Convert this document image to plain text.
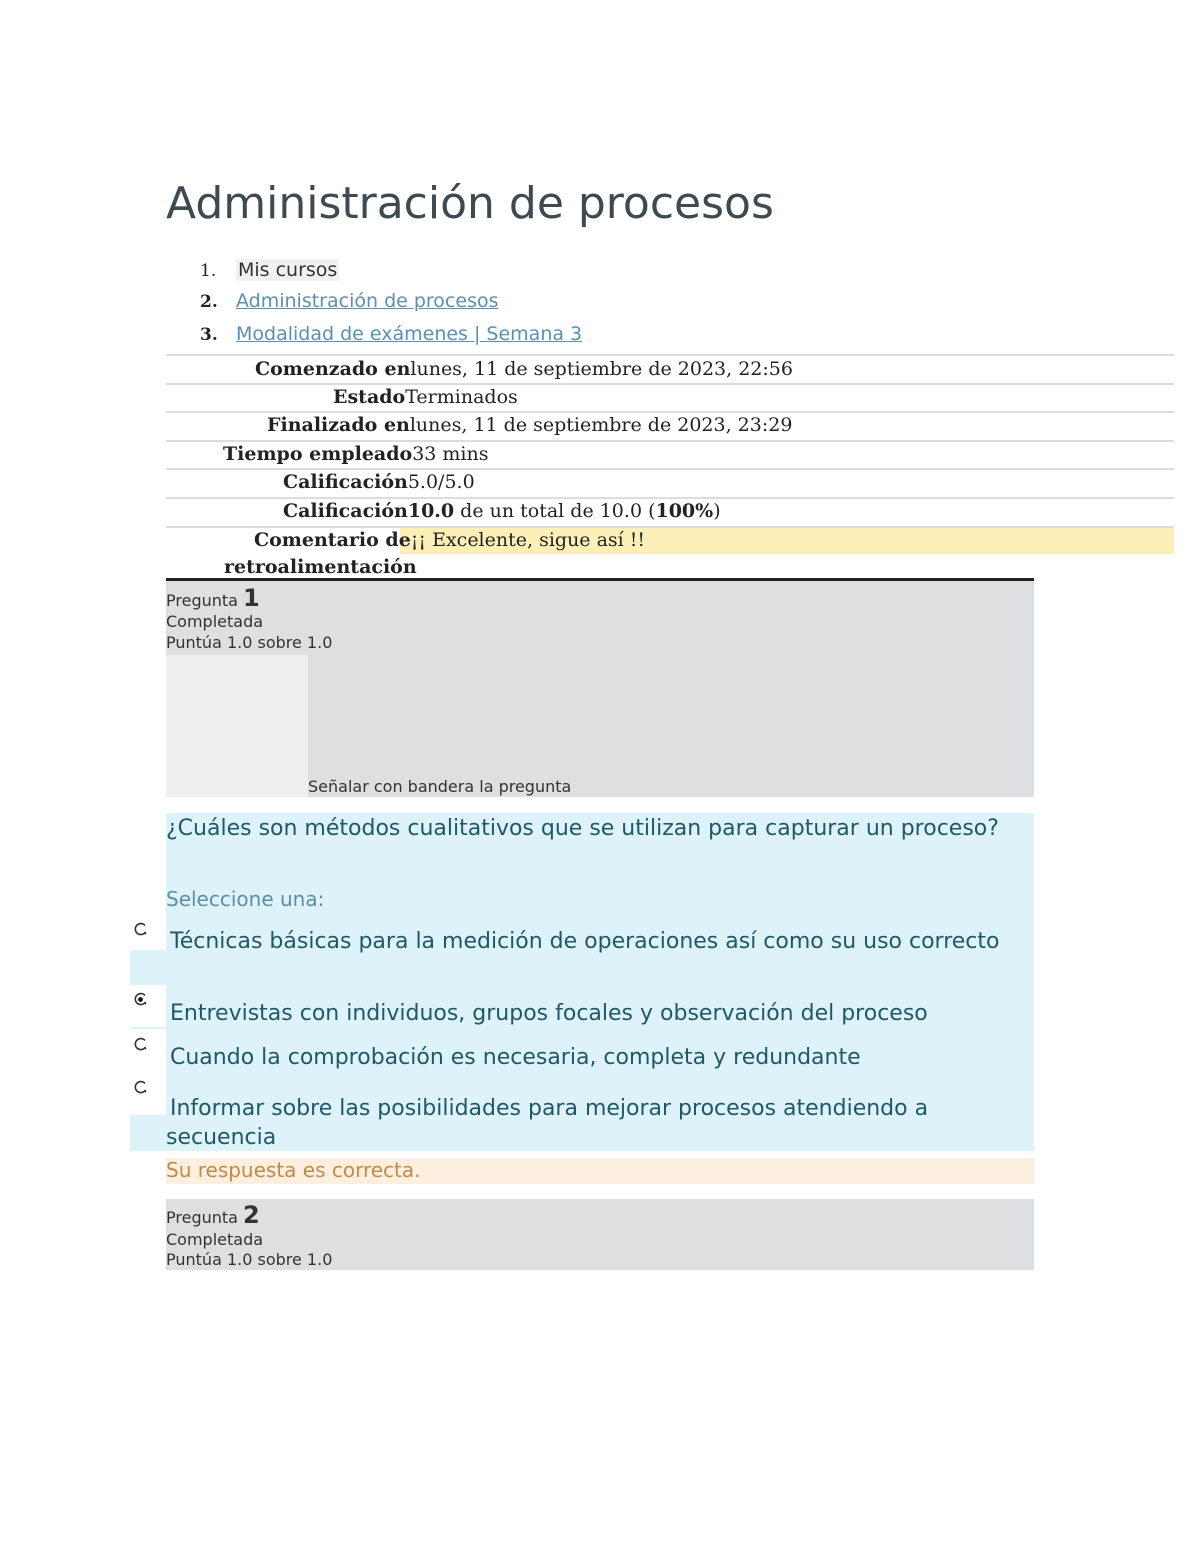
Administración de procesos
1. Mis cursos
2. Administración de procesos
3. Modalidad de exámenes | Semana 3
Comenzado enlunes, 11 de septiembre de 2023, 22:56
EstadoTerminados
Finalizado enlunes, 11 de septiembre de 2023, 23:29
Tiempo empleado33 mins
Calificación5.0/5.0
Calificación10.0 de un total de 10.0 (100%)
Comentario de¡¡ Excelente, sigue así !!
retroalimentación
Pregunta 1
Completada
Puntúa 1.0 sobre 1.0
Señalar con bandera la pregunta
¿Cuáles son métodos cualitativos que se utilizan para capturar un proceso?
Seleccione una:
Técnicas básicas para la medición de operaciones así como su uso correcto
Entrevistas con individuos, grupos focales y observación del proceso
Cuando la comprobación es necesaria, completa y redundante
Informar sobre las posibilidades para mejorar procesos atendiendo a secuencia
Su respuesta es correcta.
Pregunta 2
Completada
Puntúa 1.0 sobre 1.0
